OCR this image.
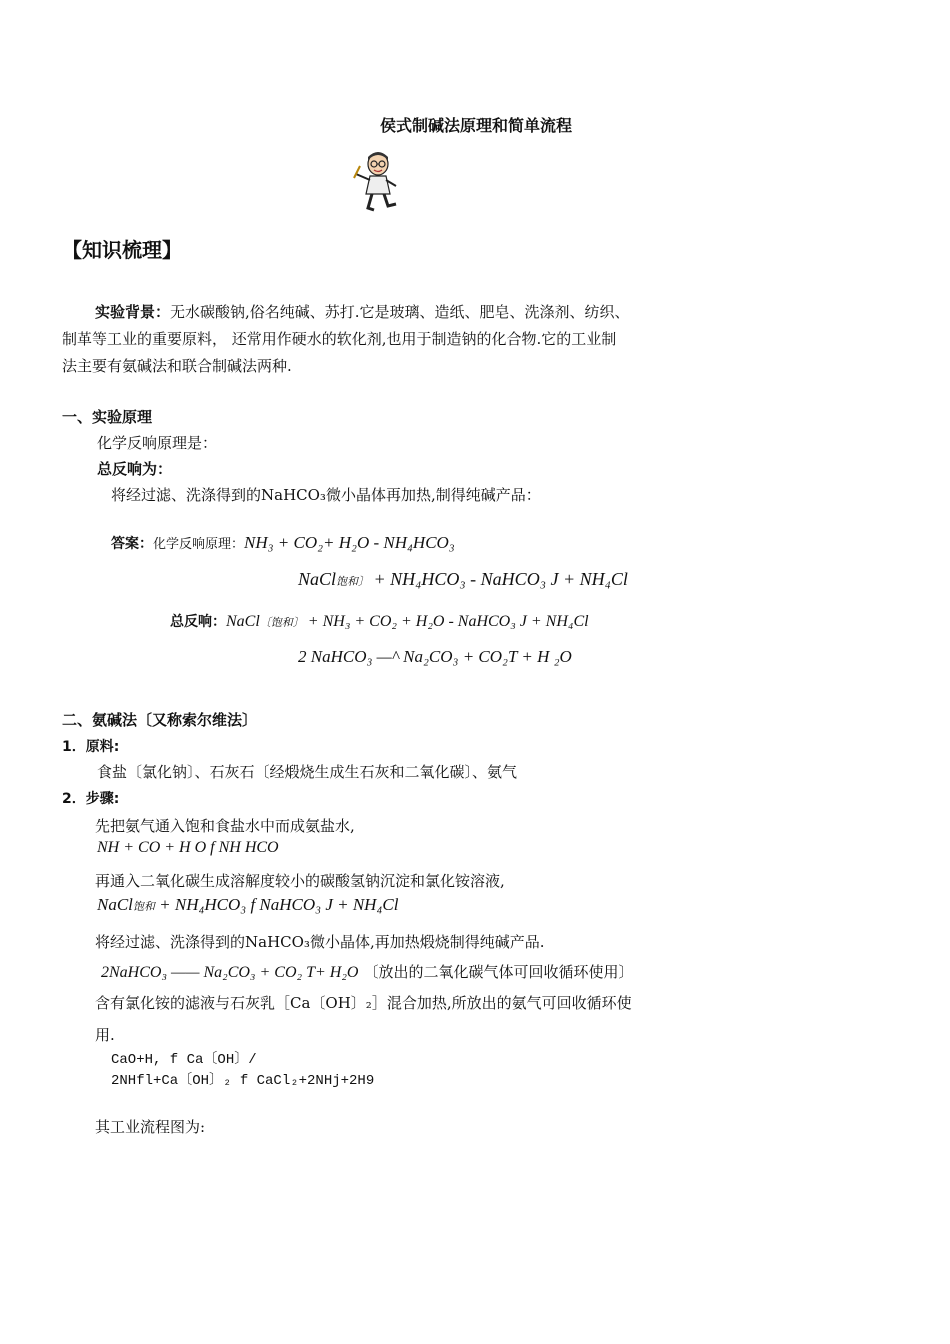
侯式制碱法原理和简单流程
【知识梳理】
实验背景：无水碳酸钠,俗名纯碱、苏打.它是玻璃、造纸、肥皂、洗涤剂、纺织、
制革等工业的重要原料， 还常用作硬水的软化剂,也用于制造钠的化合物.它的工业制
法主要有氨碱法和联合制碱法两种.
一、实验原理
化学反响原理是：
总反响为：
将经过滤、洗涤得到的NaHCO₃微小晶体再加热,制得纯碱产品：
答案：化学反响原理：NH₃ + CO₂+ H₂O - NH₄HCO₃
NaCl饱和〕 + NH₄HCO₃ - NaHCO₃ J + NH₄Cl
总反响：NaCl〔饱和〕 + NH₃ + CO₂ + H₂O - NaHCO₃ J + NH₄Cl
2 NaHCO₃ —^ Na₂CO₃ + CO₂T + H ₂O
二、氨碱法〔又称索尔维法〕
1．原料:
食盐〔氯化钠〕、石灰石〔经煅烧生成生石灰和二氧化碳〕、氨气
2．步骤:
先把氨气通入饱和食盐水中而成氨盐水,
NH + CO + H O f NH HCO
再通入二氧化碳生成溶解度较小的碳酸氢钠沉淀和氯化铵溶液,
NaCl饱和 + NH₄HCO₃ f NaHCO₃ J + NH₄Cl
将经过滤、洗涤得到的NaHCO₃微小晶体,再加热煅烧制得纯碱产品.
2NaHCO₃ —— Na₂CO₃ + CO₂ T+ H₂O 〔放出的二氧化碳气体可回收循环使用〕
含有氯化铵的滤液与石灰乳［Ca〔OH〕₂］混合加热,所放出的氨气可回收循环使
用.
CaO+H, f Ca〔OH〕/
2NHfl+Ca〔OH〕₂ f CaCl₂+2NHj+2H9
其工业流程图为:
